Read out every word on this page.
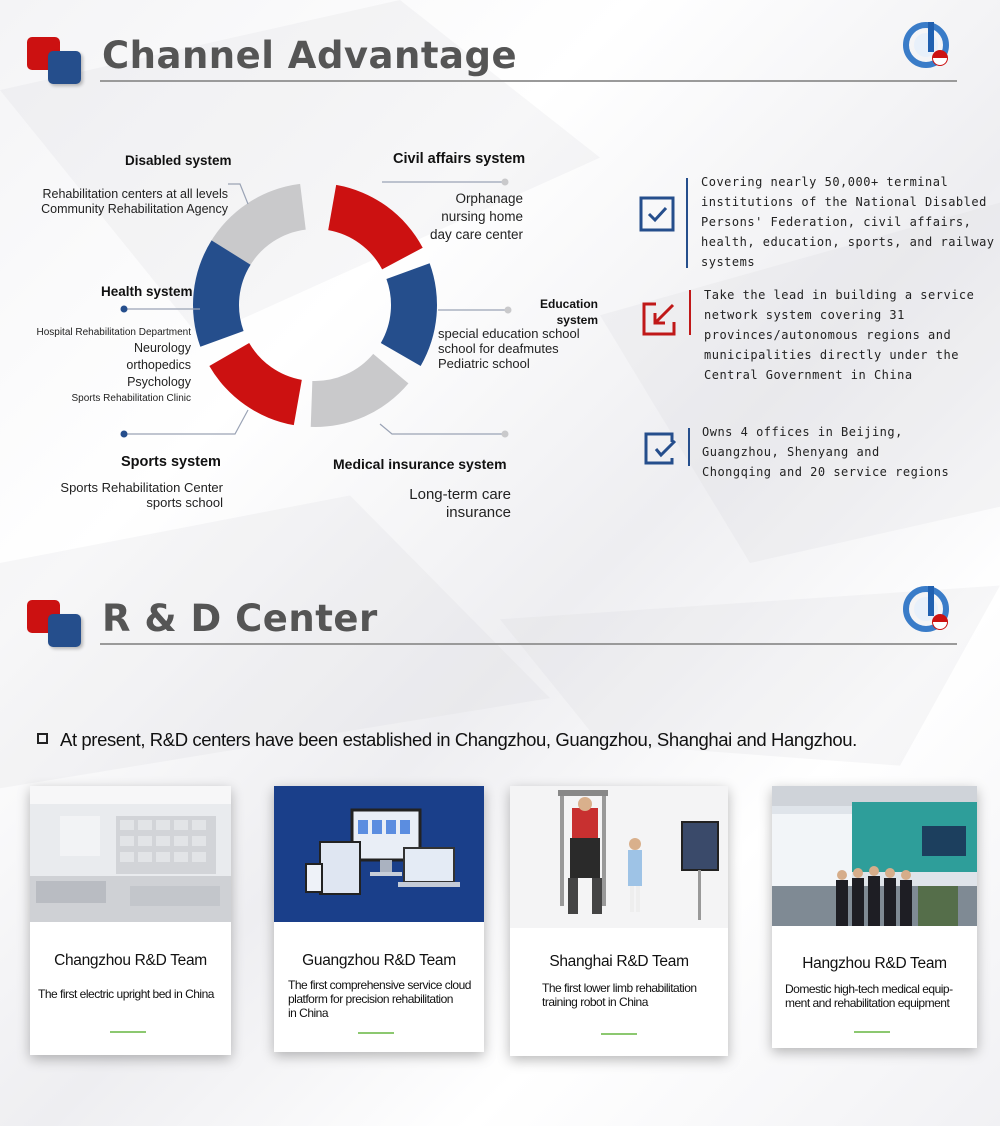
Channel Advantage
Disabled system
Rehabilitation centers at all levels
Community Rehabilitation Agency
Civil affairs system
Orphanage
nursing home
day care center
Health system
Hospital Rehabilitation Department
Neurology
orthopedics
Psychology
Sports Rehabilitation Clinic
Education system
special education school
school for deafmutes
Pediatric school
Sports system
Sports Rehabilitation Center
sports school
Medical insurance system
Long-term care
insurance
Covering nearly 50,000+ terminal
institutions of the National Disabled
Persons' Federation, civil affairs,
health, education, sports, and railway
systems
Take the lead in building a service
network system covering 31
provinces/autonomous regions and
municipalities directly under the
Central Government in China
Owns 4 offices in Beijing,
Guangzhou, Shenyang and
Chongqing and 20 service regions
R & D Center
At present, R&D centers have been established in Changzhou, Guangzhou, Shanghai and Hangzhou.
Changzhou R&D Team
The first electric upright bed in China
Guangzhou R&D Team
The first comprehensive service cloud
platform for precision rehabilitation
in China
Shanghai R&D Team
The first lower limb rehabilitation
training robot in China
Hangzhou R&D Team
Domestic high-tech medical equip-
ment and rehabilitation equipment
